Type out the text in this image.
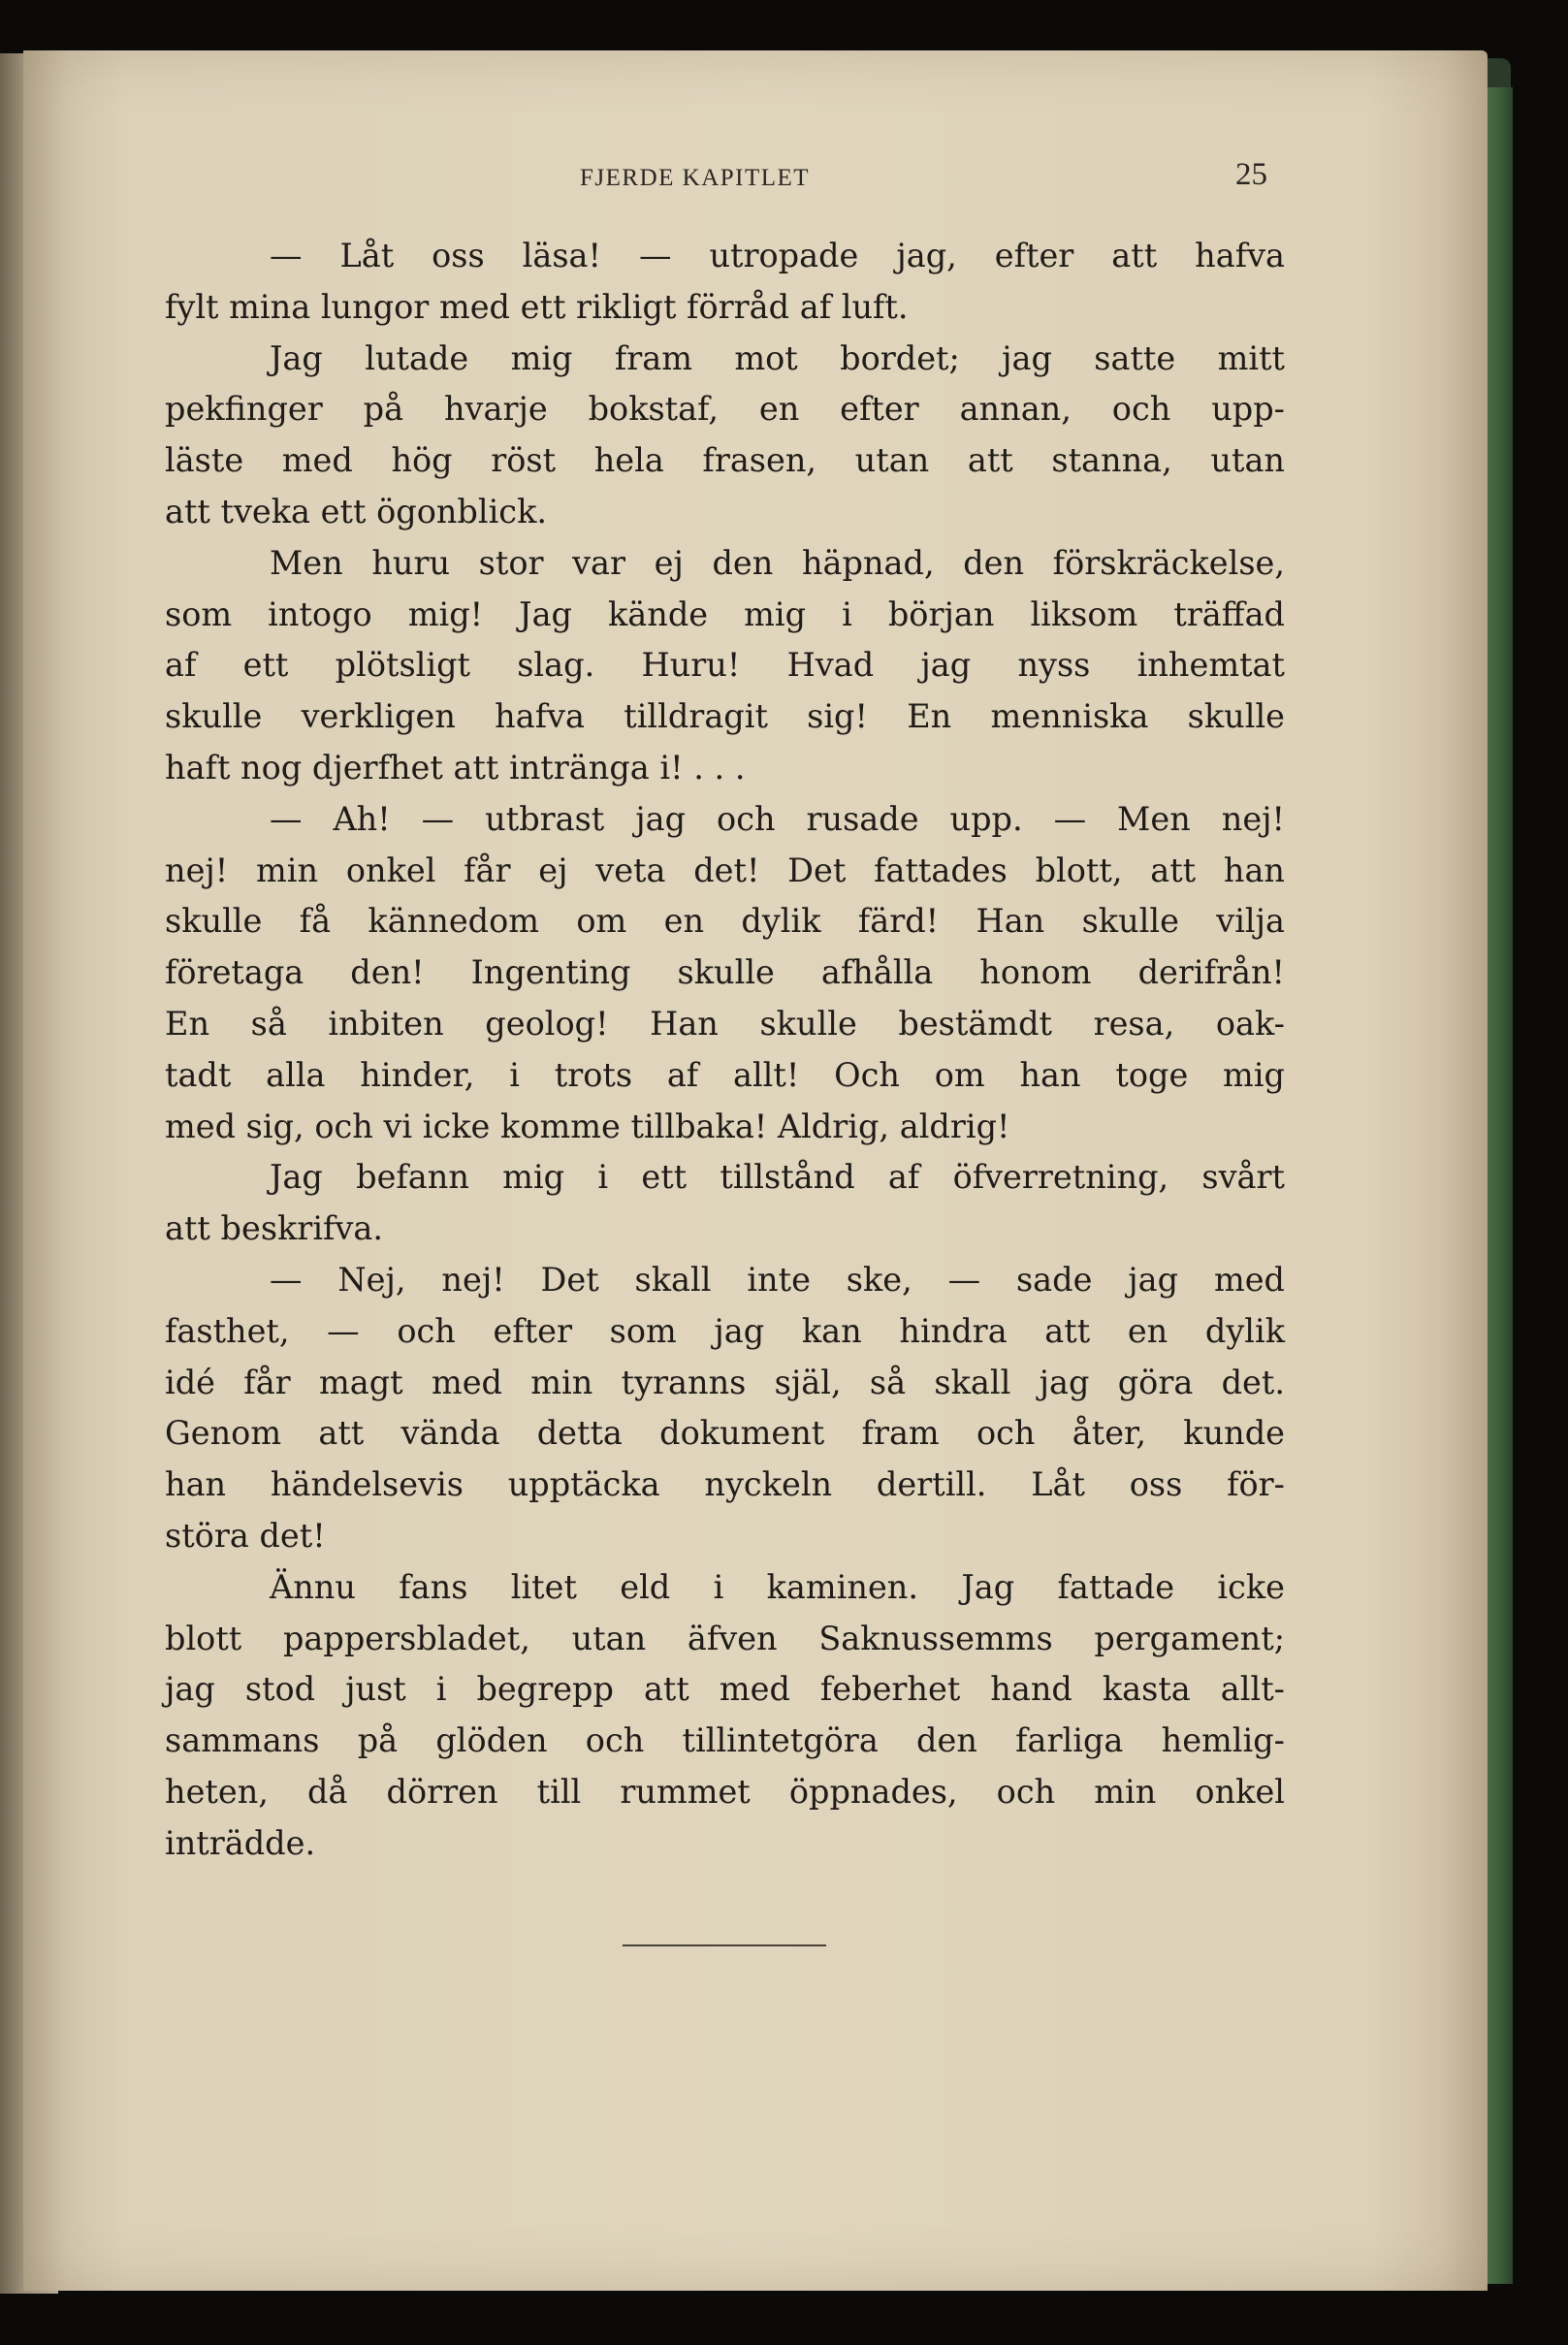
FJERDE KAPITLET	25
— Låt oss läsa! — utropade jag, efter att hafva
fylt mina lungor med ett rikligt förråd af luft.
Jag lutade mig fram mot bordet; jag satte mitt
pekfinger på hvarje bokstaf, en efter annan, och upp-
läste med hög röst hela frasen, utan att stanna, utan
att tveka ett ögonblick.
Men huru stor var ej den häpnad, den förskräckelse,
som intogo mig! Jag kände mig i början liksom träffad
af ett plötsligt slag. Huru! Hvad jag nyss inhemtat
skulle verkligen hafva tilldragit sig! En menniska skulle
haft nog djerfhet att intränga i! . . .
— Ah! — utbrast jag och rusade upp. — Men nej!
nej! min onkel får ej veta det! Det fattades blott, att han
skulle få kännedom om en dylik färd! Han skulle vilja
företaga den! Ingenting skulle afhålla honom derifrån!
En så inbiten geolog! Han skulle bestämdt resa, oak-
tadt alla hinder, i trots af allt! Och om han toge mig
med sig, och vi icke komme tillbaka! Aldrig, aldrig!
Jag befann mig i ett tillstånd af öfverretning, svårt
att beskrifva.
— Nej, nej! Det skall inte ske, — sade jag med
fasthet, — och efter som jag kan hindra att en dylik
idé får magt med min tyranns själ, så skall jag göra det.
Genom att vända detta dokument fram och åter, kunde
han händelsevis upptäcka nyckeln dertill. Låt oss för-
störa det!
Ännu fans litet eld i kaminen. Jag fattade icke
blott pappersbladet, utan äfven Saknussemms pergament;
jag stod just i begrepp att med feberhet hand kasta allt-
sammans på glöden och tillintetgöra den farliga hemlig-
heten, då dörren till rummet öppnades, och min onkel
inträdde.
